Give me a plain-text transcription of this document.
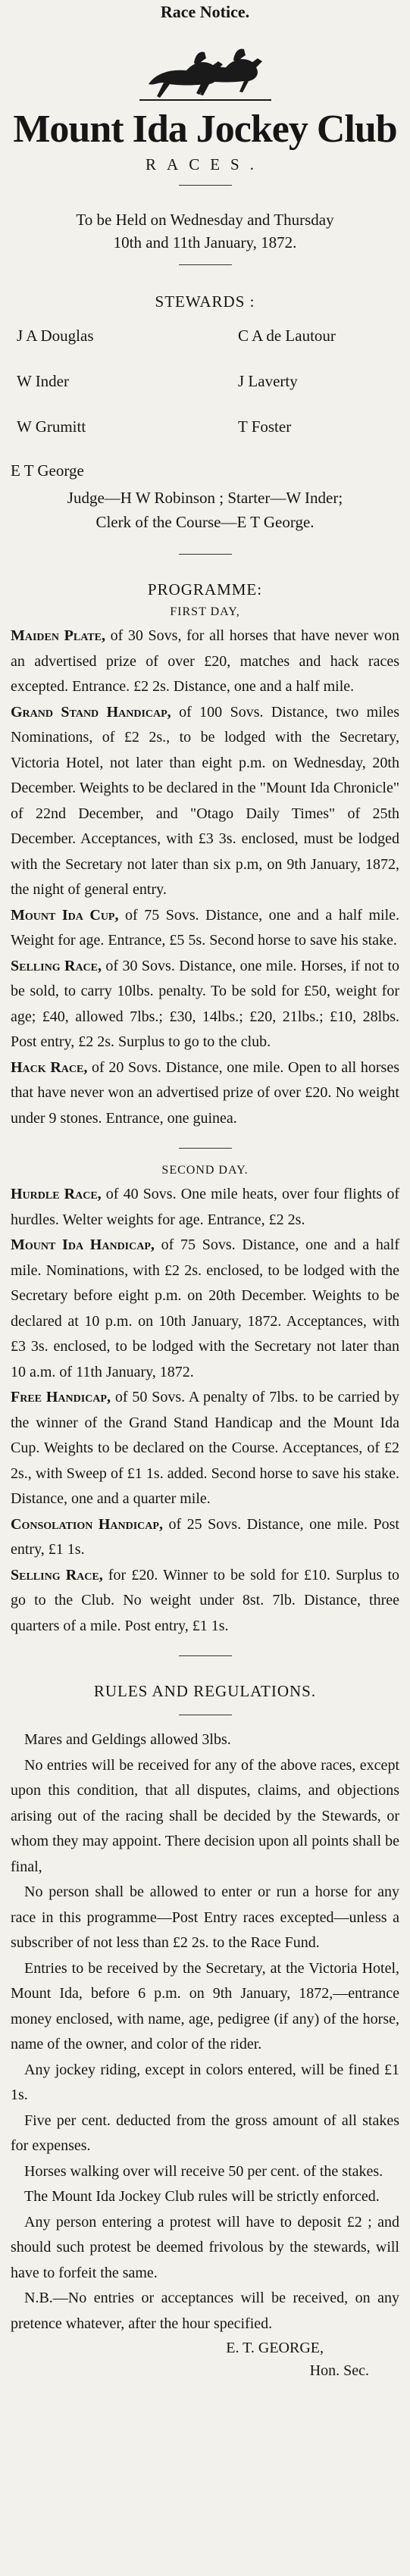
Race Notice.
Mount Ida Jockey Club
RACES.
To be Held on Wednesday and Thursday
10th and 11th January, 1872.
STEWARDS :
J A Douglas	C A de Lautour
W Inder	J Laverty
W Grumitt	T Foster
E T George
Judge—H W Robinson ; Starter—W Inder;
Clerk of the Course—E T George.
PROGRAMME:
FIRST DAY,

Maiden Plate, of 30 Sovs, for all horses that have never won an advertised prize of over £20, matches and hack races excepted. Entrance. £2 2s. Distance, one and a half mile.

Grand Stand Handicap, of 100 Sovs. Distance, two miles Nominations, of £2 2s., to be lodged with the Secretary, Victoria Hotel, not later than eight p.m. on Wednesday, 20th December. Weights to be declared in the "Mount Ida Chronicle" of 22nd December, and "Otago Daily Times" of 25th December. Acceptances, with £3 3s. enclosed, must be lodged with the Secretary not later than six p.m, on 9th January, 1872, the night of general entry.

Mount Ida Cup, of 75 Sovs. Distance, one and a half mile. Weight for age. Entrance, £5 5s. Second horse to save his stake.

Selling Race, of 30 Sovs. Distance, one mile. Horses, if not to be sold, to carry 10lbs. penalty. To be sold for £50, weight for age; £40, allowed 7lbs.; £30, 14lbs.; £20, 21lbs.; £10, 28lbs. Post entry, £2 2s. Surplus to go to the club.

Hack Race, of 20 Sovs. Distance, one mile. Open to all horses that have never won an advertised prize of over £20. No weight under 9 stones. Entrance, one guinea.

SECOND DAY.

Hurdle Race, of 40 Sovs. One mile heats, over four flights of hurdles. Welter weights for age. Entrance, £2 2s.

Mount Ida Handicap, of 75 Sovs. Distance, one and a half mile. Nominations, with £2 2s. enclosed, to be lodged with the Secretary before eight p.m. on 20th December. Weights to be declared at 10 p.m. on 10th January, 1872. Acceptances, with £3 3s. enclosed, to be lodged with the Secretary not later than 10 a.m. of 11th January, 1872.

Free Handicap, of 50 Sovs. A penalty of 7lbs. to be carried by the winner of the Grand Stand Handicap and the Mount Ida Cup. Weights to be declared on the Course. Acceptances, of £2 2s., with Sweep of £1 1s. added. Second horse to save his stake. Distance, one and a quarter mile.

Consolation Handicap, of 25 Sovs. Distance, one mile. Post entry, £1 1s.

Selling Race, for £20. Winner to be sold for £10. Surplus to go to the Club. No weight under 8st. 7lb. Distance, three quarters of a mile. Post entry, £1 1s.

RULES AND REGULATIONS.

Mares and Geldings allowed 3lbs.

No entries will be received for any of the above races, except upon this condition, that all disputes, claims, and objections arising out of the racing shall be decided by the Stewards, or whom they may appoint. There decision upon all points shall be final,

No person shall be allowed to enter or run a horse for any race in this programme—Post Entry races excepted—unless a subscriber of not less than £2 2s. to the Race Fund.

Entries to be received by the Secretary, at the Victoria Hotel, Mount Ida, before 6 p.m. on 9th January, 1872,—entrance money enclosed, with name, age, pedigree (if any) of the horse, name of the owner, and color of the rider.

Any jockey riding, except in colors entered, will be fined £1 1s.

Five per cent. deducted from the gross amount of all stakes for expenses.

Horses walking over will receive 50 per cent. of the stakes.

The Mount Ida Jockey Club rules will be strictly enforced.

Any person entering a protest will have to deposit £2 ; and should such protest be deemed frivolous by the stewards, will have to forfeit the same.

N.B.—No entries or acceptances will be received, on any pretence whatever, after the hour specified.

E. T. GEORGE,
Hon. Sec.
